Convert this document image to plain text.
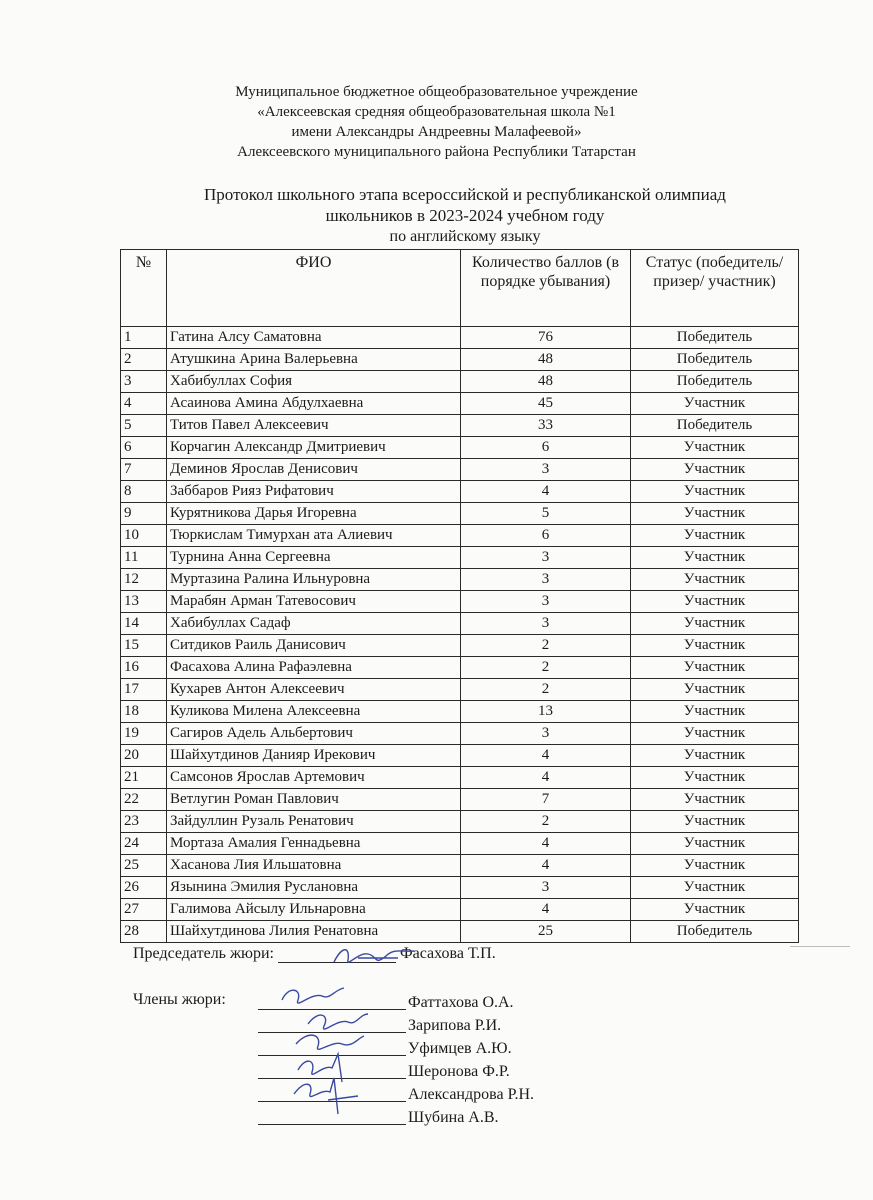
Муниципальное бюджетное общеобразовательное учреждение
«Алексеевская средняя общеобразовательная школа №1
имени Александры Андреевны Малафеевой»
Алексеевского муниципального района Республики Татарстан
Протокол школьного этапа всероссийской и республиканской олимпиад
школьников в 2023-2024 учебном году
по английскому языку
№	ФИО	Количество баллов (в порядке убывания)	Статус (победитель/ призер/ участник)
1	Гатина Алсу Саматовна	76	Победитель
2	Атушкина Арина Валерьевна	48	Победитель
3	Хабибуллах София	48	Победитель
4	Асаинова Амина Абдулхаевна	45	Участник
5	Титов Павел Алексеевич	33	Победитель
6	Корчагин Александр Дмитриевич	6	Участник
7	Деминов Ярослав Денисович	3	Участник
8	Заббаров Рияз Рифатович	4	Участник
9	Курятникова Дарья Игоревна	5	Участник
10	Тюркислам Тимурхан ата Алиевич	6	Участник
11	Турнина Анна Сергеевна	3	Участник
12	Муртазина Ралина Ильнуровна	3	Участник
13	Марабян Арман Татевосович	3	Участник
14	Хабибуллах Садаф	3	Участник
15	Ситдиков Раиль Данисович	2	Участник
16	Фасахова Алина Рафаэлевна	2	Участник
17	Кухарев Антон Алексеевич	2	Участник
18	Куликова Милена Алексеевна	13	Участник
19	Сагиров Адель Альбертович	3	Участник
20	Шайхутдинов Данияр Ирекович	4	Участник
21	Самсонов Ярослав Артемович	4	Участник
22	Ветлугин Роман Павлович	7	Участник
23	Зайдуллин Рузаль Ренатович	2	Участник
24	Мортаза Амалия Геннадьевна	4	Участник
25	Хасанова Лия Ильшатовна	4	Участник
26	Язынина Эмилия Руслановна	3	Участник
27	Галимова Айсылу Ильнаровна	4	Участник
28	Шайхутдинова Лилия Ренатовна	25	Победитель
Председатель жюри:	Фасахова Т.П.
Члены жюри:	Фаттахова О.А.
Зарипова Р.И.
Уфимцев А.Ю.
Шеронова Ф.Р.
Александрова Р.Н.
Шубина А.В.
